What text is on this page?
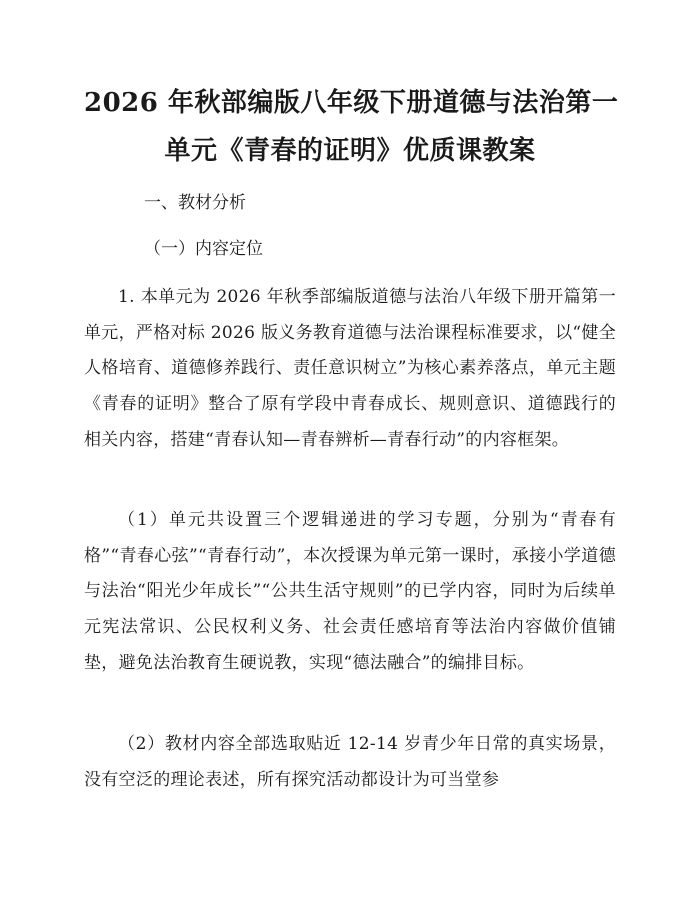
2026 年秋部编版八年级下册道德与法治第一
单元《青春的证明》优质课教案
一、教材分析
（一）内容定位

1. 本单元为 2026 年秋季部编版道德与法治八年级下册开篇第一单元，严格对标 2026 版义务教育道德与法治课程标准要求，以“健全人格培育、道德修养践行、责任意识树立”为核心素养落点，单元主题《青春的证明》整合了原有学段中青春成长、规则意识、道德践行的相关内容，搭建“青春认知—青春辨析—青春行动”的内容框架。

（1）单元共设置三个逻辑递进的学习专题，分别为“青春有格”“青春心弦”“青春行动”，本次授课为单元第一课时，承接小学道德与法治“阳光少年成长”“公共生活守规则”的已学内容，同时为后续单元宪法常识、公民权利义务、社会责任感培育等法治内容做价值铺垫，避免法治教育生硬说教，实现“德法融合”的编排目标。

（2）教材内容全部选取贴近 12-14 岁青少年日常的真实场景，没有空泛的理论表述，所有探究活动都设计为可当堂参
